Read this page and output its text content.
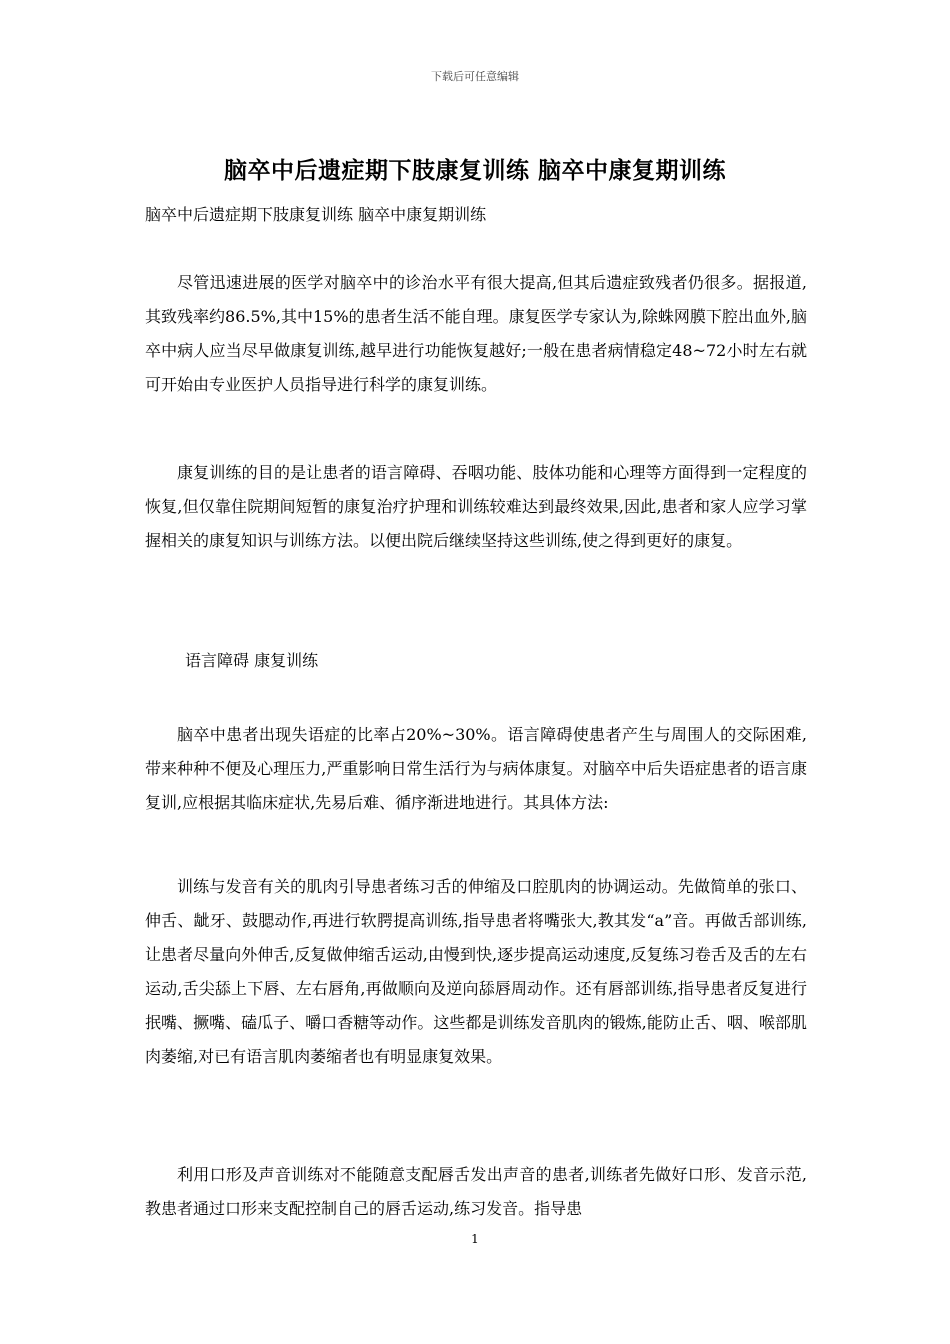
下载后可任意编辑
脑卒中后遗症期下肢康复训练 脑卒中康复期训练

脑卒中后遗症期下肢康复训练 脑卒中康复期训练

尽管迅速进展的医学对脑卒中的诊治水平有很大提高,但其后遗症致残者仍很多。据报道,其致残率约86.5%,其中15%的患者生活不能自理。康复医学专家认为,除蛛网膜下腔出血外,脑卒中病人应当尽早做康复训练,越早进行功能恢复越好;一般在患者病情稳定48~72小时左右就可开始由专业医护人员指导进行科学的康复训练。

康复训练的目的是让患者的语言障碍、吞咽功能、肢体功能和心理等方面得到一定程度的恢复,但仅靠住院期间短暂的康复治疗护理和训练较难达到最终效果,因此,患者和家人应学习掌握相关的康复知识与训练方法。以便出院后继续坚持这些训练,使之得到更好的康复。

语言障碍 康复训练

脑卒中患者出现失语症的比率占20%~30%。语言障碍使患者产生与周围人的交际困难,带来种种不便及心理压力,严重影响日常生活行为与病体康复。对脑卒中后失语症患者的语言康复训,应根据其临床症状,先易后难、循序渐进地进行。其具体方法:

训练与发音有关的肌肉引导患者练习舌的伸缩及口腔肌肉的协调运动。先做简单的张口、伸舌、龇牙、鼓腮动作,再进行软腭提高训练,指导患者将嘴张大,教其发“a”音。再做舌部训练,让患者尽量向外伸舌,反复做伸缩舌运动,由慢到快,逐步提高运动速度,反复练习卷舌及舌的左右运动,舌尖舔上下唇、左右唇角,再做顺向及逆向舔唇周动作。还有唇部训练,指导患者反复进行抿嘴、撅嘴、磕瓜子、嚼口香糖等动作。这些都是训练发音肌肉的锻炼,能防止舌、咽、喉部肌肉萎缩,对已有语言肌肉萎缩者也有明显康复效果。

利用口形及声音训练对不能随意支配唇舌发出声音的患者,训练者先做好口形、发音示范,教患者通过口形来支配控制自己的唇舌运动,练习发音。指导患

1
